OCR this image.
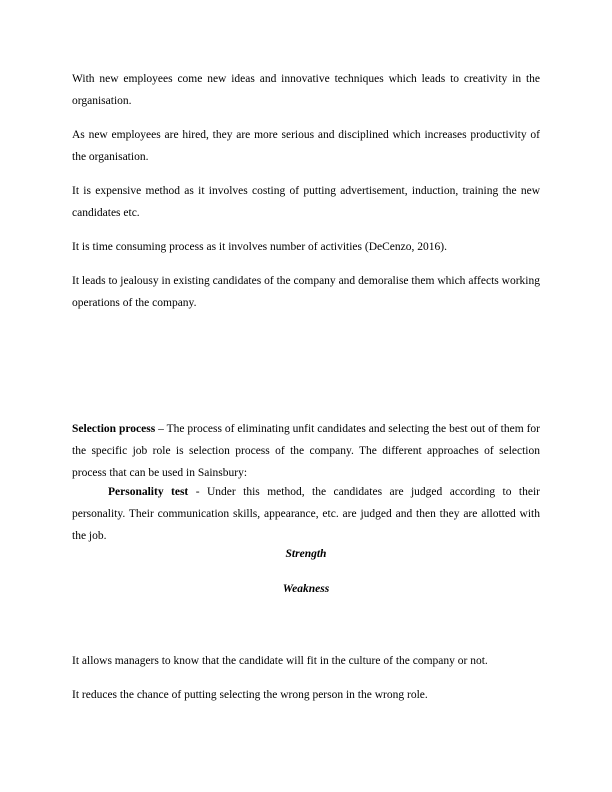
With new employees come new ideas and innovative techniques which leads to creativity in the organisation.

As new employees are hired, they are more serious and disciplined which increases productivity of the organisation.

It is expensive method as it involves costing of putting advertisement, induction, training the new candidates etc.

It is time consuming process as it involves number of activities (DeCenzo, 2016).

It leads to jealousy in existing candidates of the company and demoralise them which affects working operations of the company.

Selection process – The process of eliminating unfit candidates and selecting the best out of them for the specific job role is selection process of the company. The different approaches of selection process that can be used in Sainsbury:

Personality test - Under this method, the candidates are judged according to their personality. Their communication skills, appearance, etc. are judged and then they are allotted with the job.

Strength

Weakness

It allows managers to know that the candidate will fit in the culture of the company or not.

It reduces the chance of putting selecting the wrong person in the wrong role.
